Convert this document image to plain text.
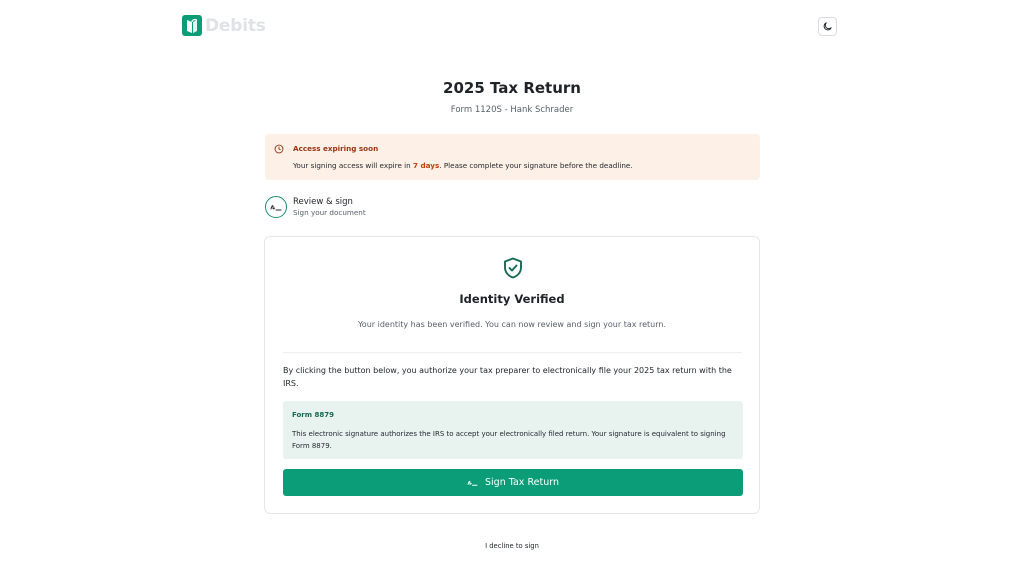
Debits
2025 Tax Return
Form 1120S - Hank Schrader
Access expiring soon
Your signing access will expire in 7 days. Please complete your signature before the deadline.
Review & sign
Sign your document
Identity Verified
Your identity has been verified. You can now review and sign your tax return.
By clicking the button below, you authorize your tax preparer to electronically file your 2025 tax return with the IRS.
Form 8879
This electronic signature authorizes the IRS to accept your electronically filed return. Your signature is equivalent to signing Form 8879.
Sign Tax Return
I decline to sign
